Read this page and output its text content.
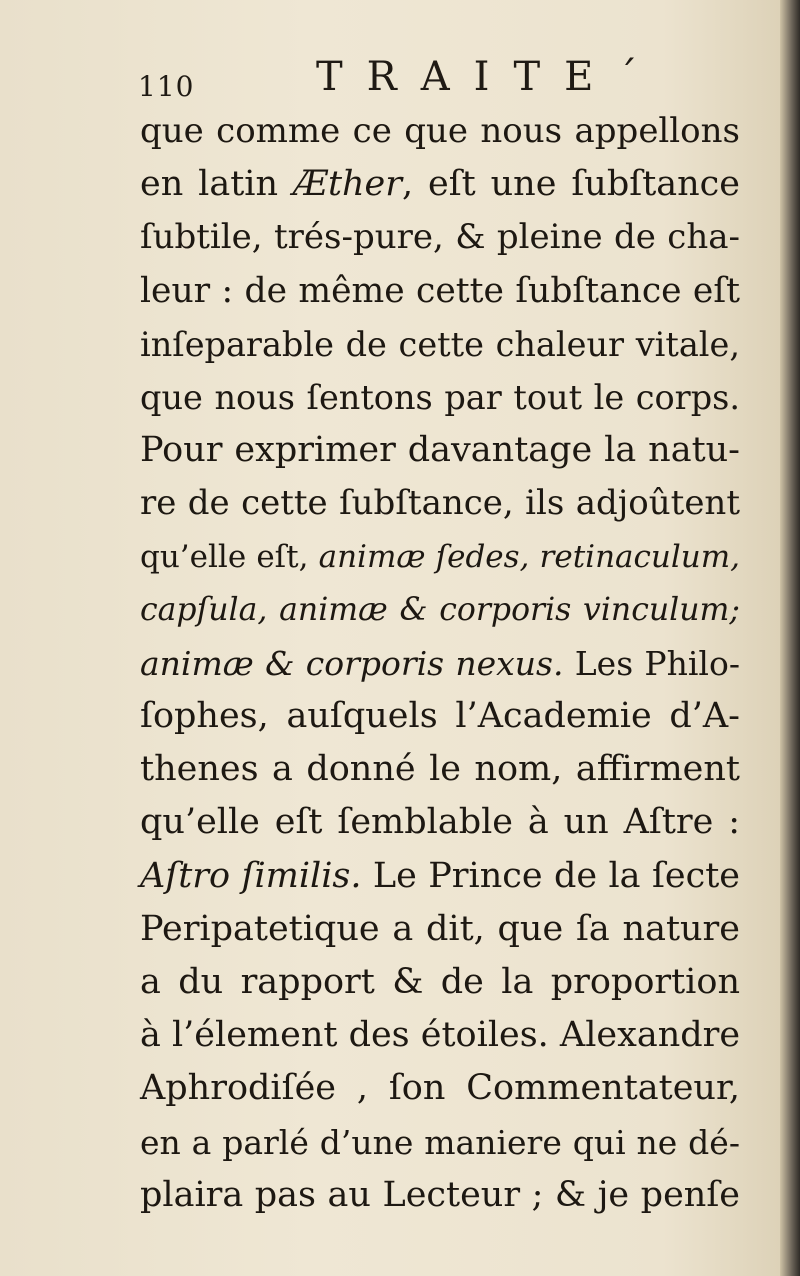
110	TRAITE´
que comme ce que nous appellons
en latin Æther, eſt une ſubſtance
ſubtile, trés-pure, & pleine de cha-
leur : de même cette ſubſtance eſt
inſeparable de cette chaleur vitale,
que nous ſentons par tout le corps.
Pour exprimer davantage la natu-
re de cette ſubſtance, ils adjoûtent
qu’elle eſt, animæ ſedes, retinaculum,
capſula, animæ & corporis vinculum;
animæ & corporis nexus. Les Philo-
ſophes, auſquels l’Academie d’A-
thenes a donné le nom, affirment
qu’elle eſt ſemblable à un Aſtre :
Aſtro ſimilis. Le Prince de la ſecte
Peripatetique a dit, que ſa nature
a du rapport & de la proportion
à l’élement des étoiles. Alexandre
Aphrodiſée , ſon Commentateur,
en a parlé d’une maniere qui ne dé-
plaira pas au Lecteur ; & je penſe
